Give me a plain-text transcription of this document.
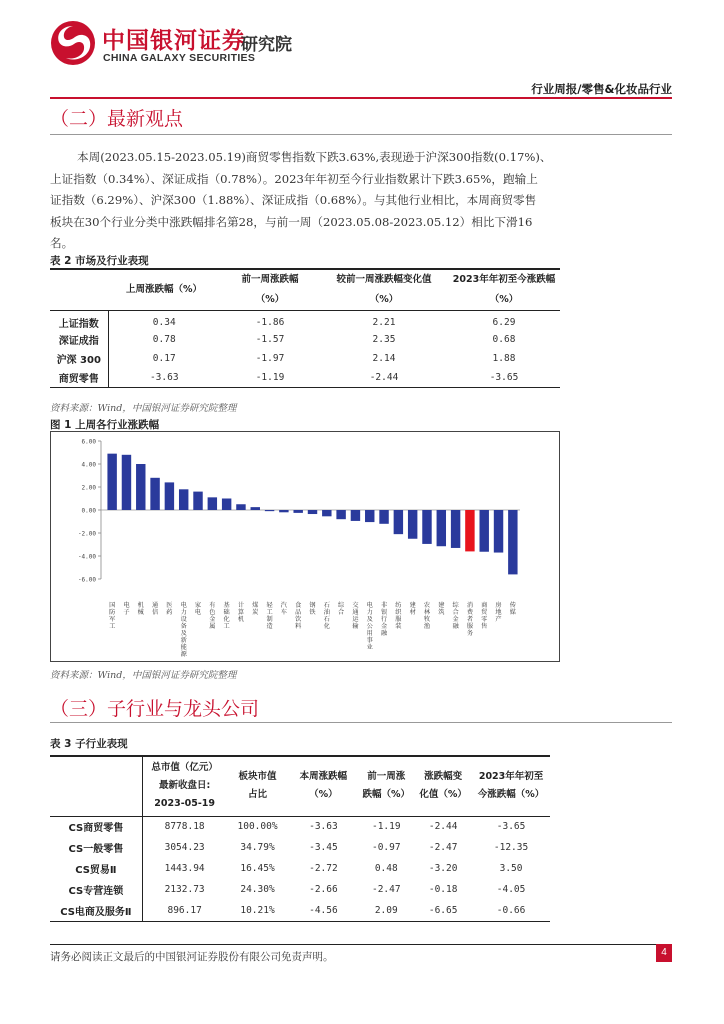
中国银河证券
研究院
CHINA GALAXY SECURITIES
行业周报/零售&化妆品行业
（二）最新观点
本周(2023.05.15-2023.05.19)商贸零售指数下跌3.63%,表现逊于沪深300指数(0.17%)、
上证指数（0.34%）、深证成指（0.78%）。2023年年初至今行业指数累计下跌3.65%，跑输上
证指数（6.29%）、沪深300（1.88%）、深证成指（0.68%）。与其他行业相比，本周商贸零售
板块在30个行业分类中涨跌幅排名第28，与前一周（2023.05.08-2023.05.12）相比下滑16
名。
表 2 市场及行业表现
	上周涨跌幅（%）	前一周涨跌幅
（%）	较前一周涨跌幅变化值
（%）	2023年年初至今涨跌幅
（%）
上证指数	0.34	-1.86	2.21	6.29
深证成指	0.78	-1.57	2.35	0.68
沪深 300	0.17	-1.97	2.14	1.88
商贸零售	-3.63	-1.19	-2.44	-3.65
资料来源：Wind，中国银河证券研究院整理
图 1 上周各行业涨跌幅
6.00
4.00
2.00
0.00
-2.00
-4.00
-6.00
国防军工
电子
机械
通信
医药
电力设备及新能源
家电
有色金属
基础化工
计算机
煤炭
轻工制造
汽车
食品饮料
钢铁
石油石化
综合
交通运输
电力及公用事业
非银行金融
纺织服装
建材
农林牧渔
建筑
综合金融
消费者服务
商贸零售
房地产
传媒
资料来源：Wind，中国银河证券研究院整理
（三）子行业与龙头公司
表 3 子行业表现
	总市值（亿元）
最新收盘日:
2023-05-19	板块市值
占比	本周涨跌幅
（%）	前一周涨
跌幅（%）	涨跌幅变
化值（%）	2023年年初至
今涨跌幅（%）
CS商贸零售	8778.18	100.00%	-3.63	-1.19	-2.44	-3.65
CS一般零售	3054.23	34.79%	-3.45	-0.97	-2.47	-12.35
CS贸易Ⅱ	1443.94	16.45%	-2.72	0.48	-3.20	3.50
CS专营连锁	2132.73	24.30%	-2.66	-2.47	-0.18	-4.05
CS电商及服务Ⅱ	896.17	10.21%	-4.56	2.09	-6.65	-0.66
请务必阅读正文最后的中国银河证券股份有限公司免责声明。	4
